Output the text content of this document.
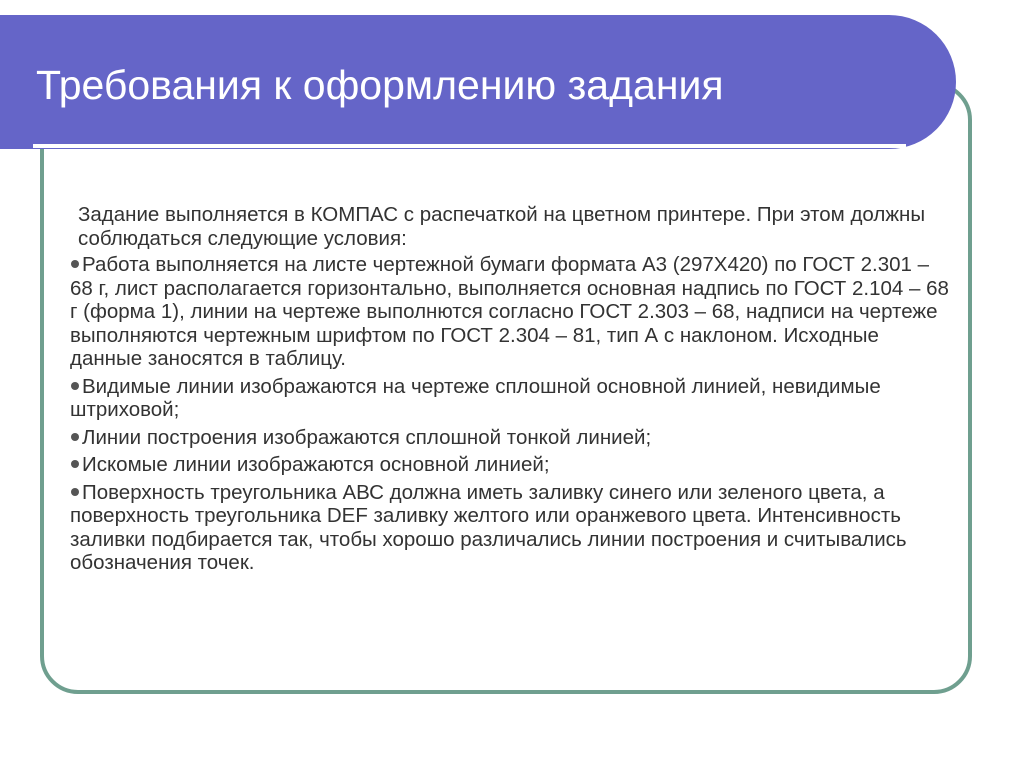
Требования к оформлению задания

Задание выполняется в КОМПАС с распечаткой на цветном принтере. При этом должны соблюдаться следующие условия:

Работа выполняется на листе чертежной бумаги формата А3 (297Х420) по ГОСТ 2.301 – 68 г, лист располагается горизонтально, выполняется основная надпись по ГОСТ 2.104 – 68 г (форма 1), линии на чертеже выполнются согласно ГОСТ 2.303 – 68, надписи на чертеже выполняются чертежным шрифтом по ГОСТ 2.304 – 81, тип А с наклоном. Исходные данные заносятся в таблицу.

Видимые линии изображаются на чертеже сплошной основной линией, невидимые штриховой;

Линии построения изображаются сплошной тонкой линией;

Искомые линии изображаются основной линией;

Поверхность треугольника АВС должна иметь заливку синего или зеленого цвета, а поверхность треугольника DEF заливку желтого или оранжевого цвета. Интенсивность заливки подбирается так, чтобы хорошо различались линии построения и считывались обозначения точек.
